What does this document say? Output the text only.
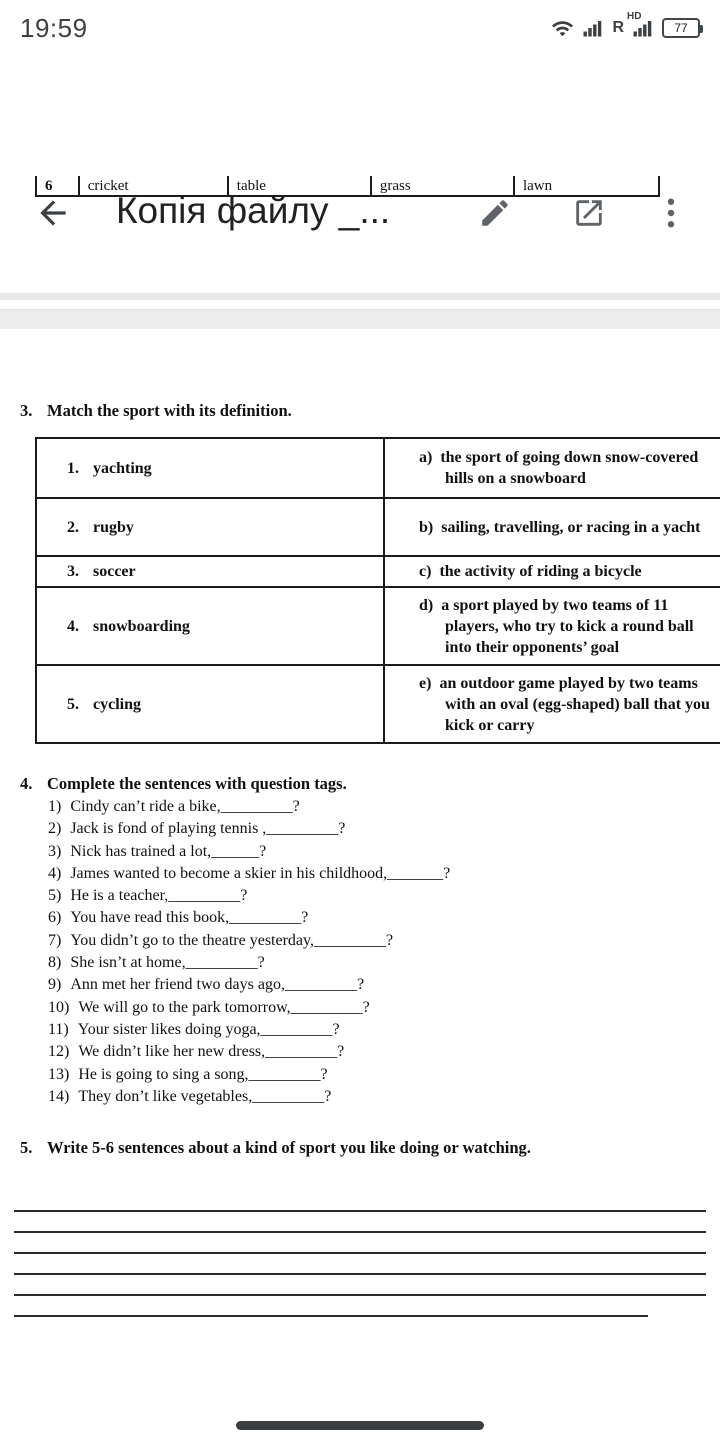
19:59	R
HD
77
Копія файлу _...
6	cricket	table	grass	lawn
3. Match the sport with its definition.
1. yachting	a) the sport of going down snow-covered hills on a snowboard
2. rugby	b) sailing, travelling, or racing in a yacht
3. soccer	c) the activity of riding a bicycle
4. snowboarding	d) a sport played by two teams of 11 players, who try to kick a round ball into their opponents’ goal
5. cycling	e) an outdoor game played by two teams with an oval (egg-shaped) ball that you kick or carry
4. Complete the sentences with question tags.
1) Cindy can’t ride a bike,_________?
2) Jack is fond of playing tennis ,_________?
3) Nick has trained a lot,______?
4) James wanted to become a skier in his childhood,_______?
5) He is a teacher,_________?
6) You have read this book,_________?
7) You didn’t go to the theatre yesterday,_________?
8) She isn’t at home,_________?
9) Ann met her friend two days ago,_________?
10) We will go to the park tomorrow,_________?
11) Your sister likes doing yoga,_________?
12) We didn’t like her new dress,_________?
13) He is going to sing a song,_________?
14) They don’t like vegetables,_________?
5. Write 5-6 sentences about a kind of sport you like doing or watching.
